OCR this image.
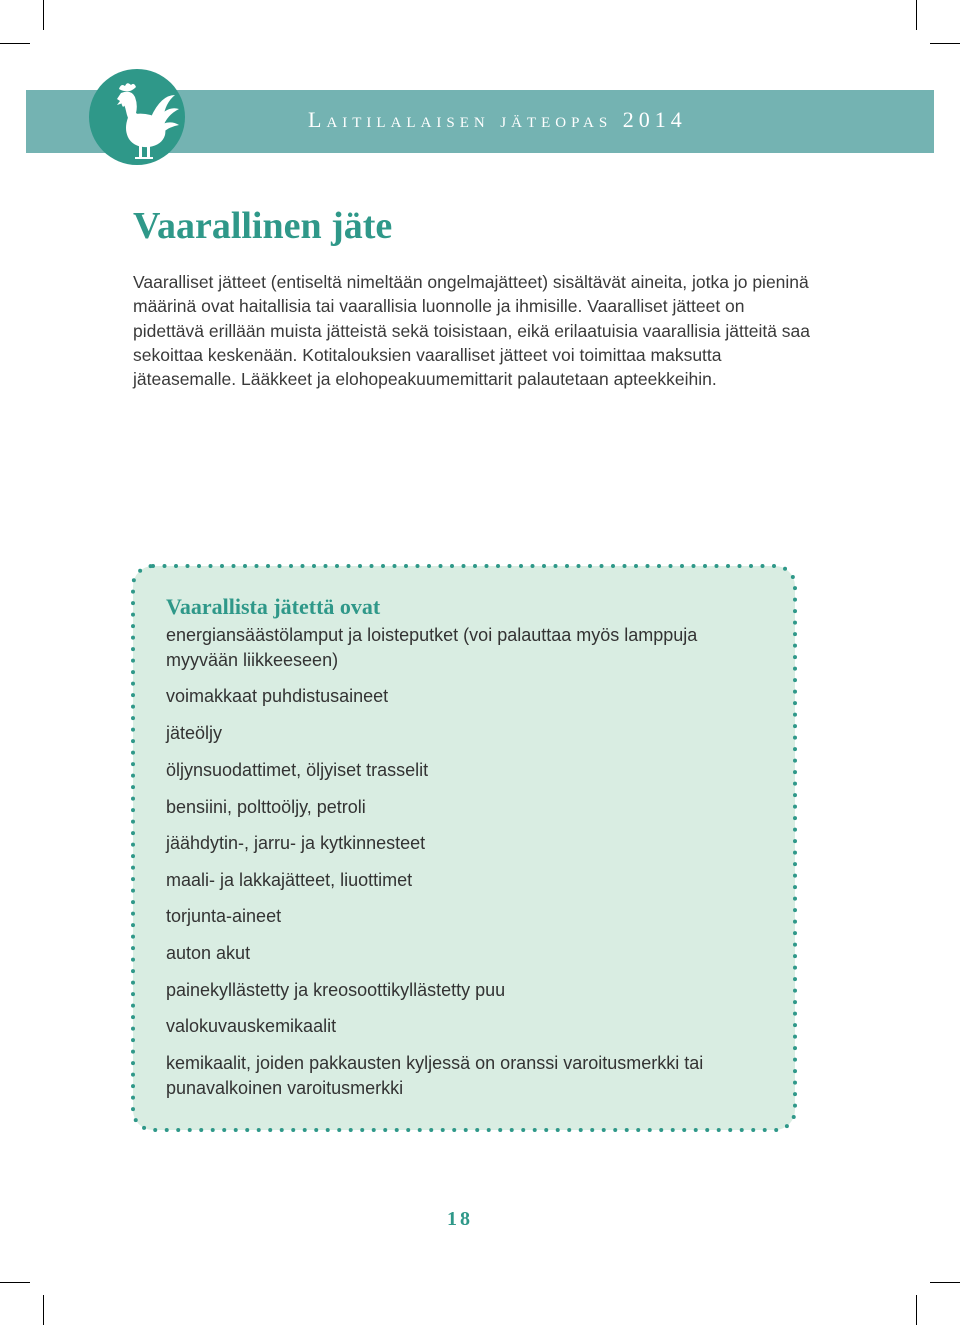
Laitilalaisen jäteopas 2014
Vaarallinen jäte

Vaaralliset jätteet (entiseltä nimeltään ongelmajätteet) sisältävät aineita, jotka jo pieninä määrinä ovat haitallisia tai vaarallisia luonnolle ja ihmisille. Vaaralliset jätteet on pidettävä erillään muista jätteistä sekä toisistaan, eikä erilaatuisia vaarallisia jätteitä saa sekoittaa keskenään. Kotitalouksien vaaralliset jätteet voi toimittaa maksutta jäteasemalle. Lääkkeet ja elohopeakuumemittarit palautetaan apteekkeihin.

Vaarallista jätettä ovat
energiansäästölamput ja loisteputket (voi palauttaa myös lamppuja myyvään liikkeeseen)
voimakkaat puhdistusaineet
jäteöljy
öljynsuodattimet, öljyiset trasselit
bensiini, polttoöljy, petroli
jäähdytin-, jarru- ja kytkinnesteet
maali- ja lakkajätteet, liuottimet
torjunta-aineet
auton akut
painekyllästetty ja kreosoottikyllästetty puu
valokuvauskemikaalit
kemikaalit, joiden pakkausten kyljessä on oranssi varoitusmerkki tai punavalkoinen varoitusmerkki
18
